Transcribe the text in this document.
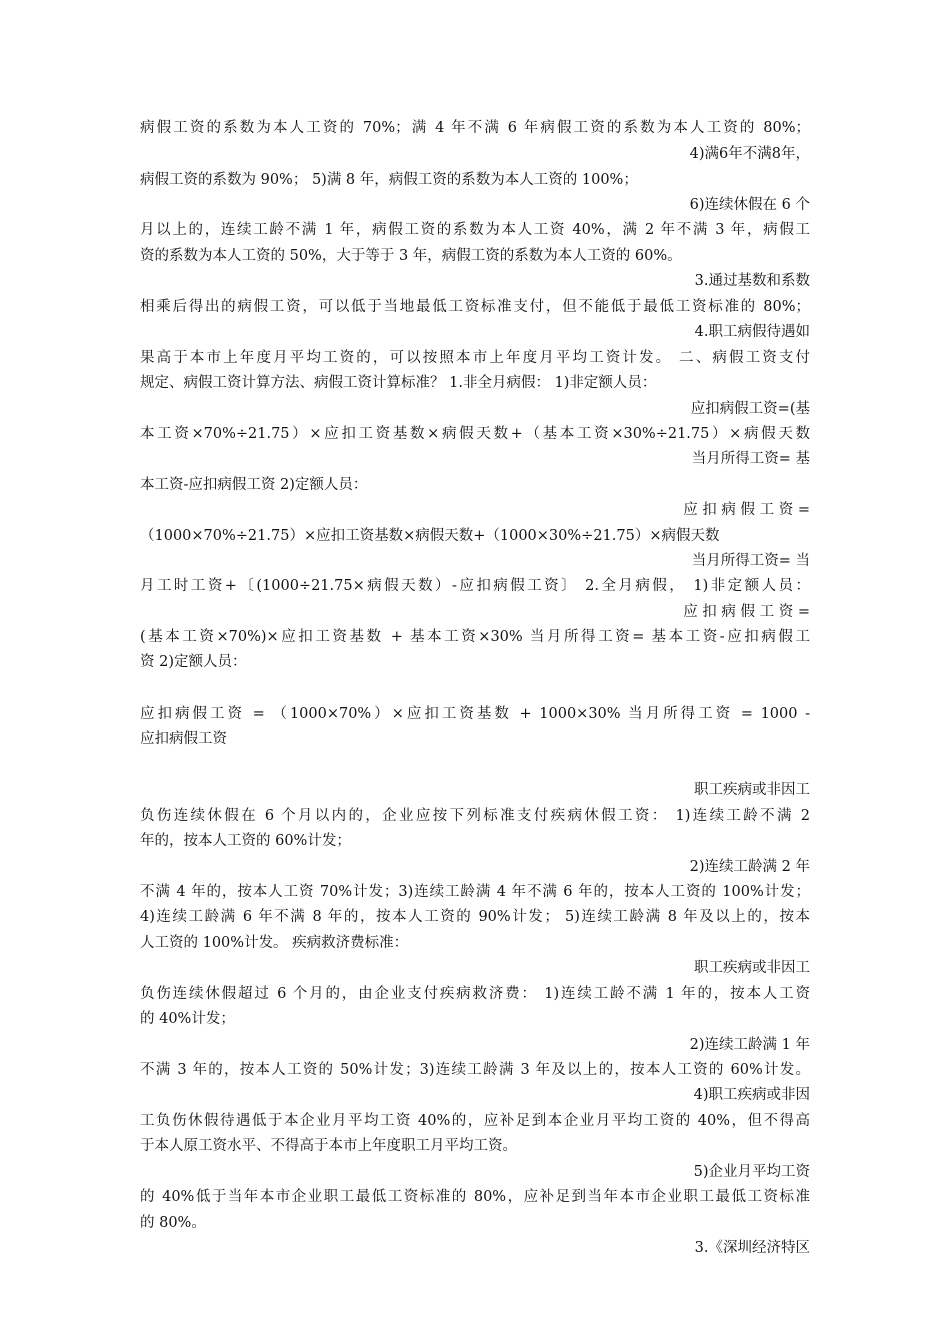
病假工资的系数为本人工资的 70%；满 4 年不满 6 年病假工资的系数为本人工资的 80%；
4)满6年不满8年，
病假工资的系数为 90%； 5)满 8 年，病假工资的系数为本人工资的 100%；
6)连续休假在 6 个
月以上的，连续工龄不满 1 年，病假工资的系数为本人工资 40%，满 2 年不满 3 年，病假工
资的系数为本人工资的 50%，大于等于 3 年，病假工资的系数为本人工资的 60%。
3.通过基数和系数
相乘后得出的病假工资，可以低于当地最低工资标准支付，但不能低于最低工资标准的 80%；
4.职工病假待遇如
果高于本市上年度月平均工资的，可以按照本市上年度月平均工资计发。 二、病假工资支付
规定、病假工资计算方法、病假工资计算标准？ 1.非全月病假： 1)非定额人员：
应扣病假工资=(基
本工资×70%÷21.75）×应扣工资基数×病假天数+（基本工资×30%÷21.75）×病假天数
当月所得工资= 基
本工资-应扣病假工资 2)定额人员：
应 扣 病 假 工 资 =
（1000×70%÷21.75）×应扣工资基数×病假天数+（1000×30%÷21.75）×病假天数
当月所得工资= 当
月工时工资+〔(1000÷21.75×病假天数）-应扣病假工资〕 2.全月病假， 1)非定额人员：
应 扣 病 假 工 资 =
(基本工资×70%)×应扣工资基数 + 基本工资×30% 当月所得工资= 基本工资-应扣病假工
资 2)定额人员：
应扣病假工资 = （1000×70%）×应扣工资基数 + 1000×30% 当月所得工资 = 1000 -
应扣病假工资
职工疾病或非因工
负伤连续休假在 6 个月以内的，企业应按下列标准支付疾病休假工资： 1)连续工龄不满 2
年的，按本人工资的 60%计发；
2)连续工龄满 2 年
不满 4 年的，按本人工资 70%计发；3)连续工龄满 4 年不满 6 年的，按本人工资的 100%计发；
4)连续工龄满 6 年不满 8 年的，按本人工资的 90%计发； 5)连续工龄满 8 年及以上的，按本
人工资的 100%计发。 疾病救济费标准：
职工疾病或非因工
负伤连续休假超过 6 个月的，由企业支付疾病救济费： 1)连续工龄不满 1 年的，按本人工资
的 40%计发；
2)连续工龄满 1 年
不满 3 年的，按本人工资的 50%计发；3)连续工龄满 3 年及以上的，按本人工资的 60%计发。
4)职工疾病或非因
工负伤休假待遇低于本企业月平均工资 40%的，应补足到本企业月平均工资的 40%，但不得高
于本人原工资水平、不得高于本市上年度职工月平均工资。
5)企业月平均工资
的 40%低于当年本市企业职工最低工资标准的 80%，应补足到当年本市企业职工最低工资标准
的 80%。
3.《深圳经济特区
